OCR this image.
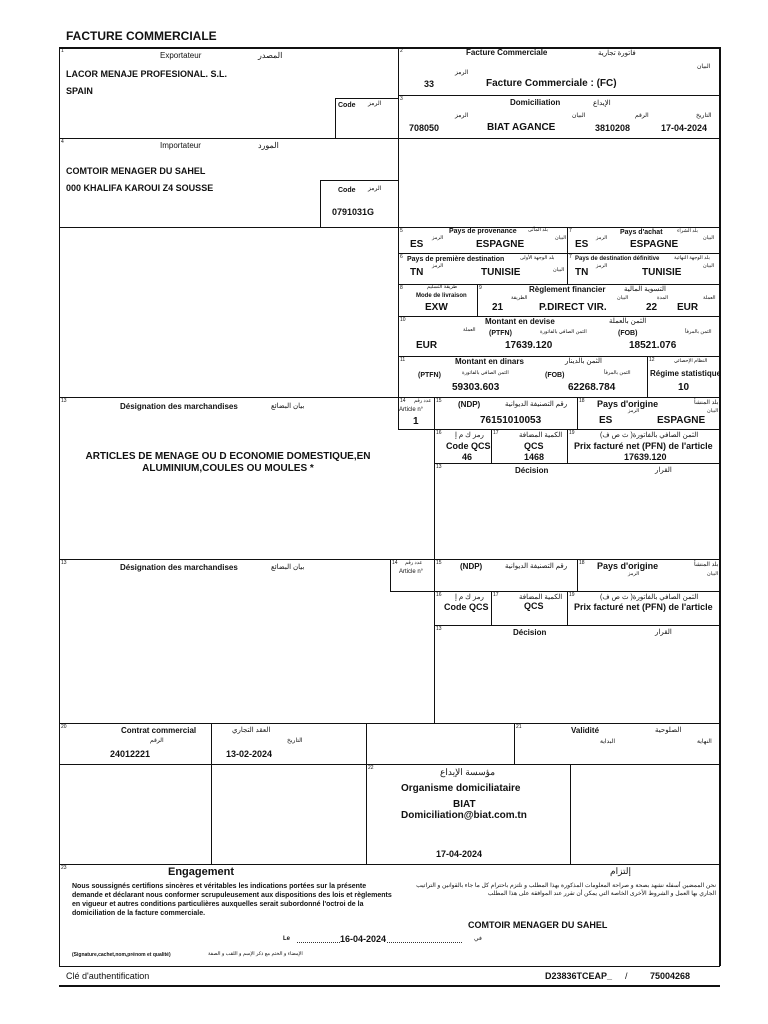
FACTURE COMMERCIALE
1	Exportateur	المصدر
LACOR MENAJE PROFESIONAL. S.L.
SPAIN
Code الرمز
2	Facture Commerciale	فاتورة تجارية
الرمز
البيان
33	Facture Commerciale : (FC)
3	Domiciliation	الإيداع
الرمز	البيان	الرقم	التاريخ
708050	BIAT AGANCE	3810208	17-04-2024
4	Importateur	المورد
COMTOIR MENAGER DU SAHEL
000 KHALIFA KAROUI Z4 SOUSSE	Code الرمز
0791031G
5	Pays de provenance بلد المأتى
الرمز	البيان
ES	ESPAGNE
7	Pays d'achat	بلد الشراء
الرمز	البيان
ES	ESPAGNE
6 Pays de première destination	بلد الوجهة الأولى
الرمز
البيان
TN	TUNISIE
7 Pays de destination définitive	بلد الوجهة النهائية
الرمز	البيان
TN	TUNISIE
8	طريقة التسليم
Mode de livraison
EXW
9	Règlement financier	التسوية المالية
الطريقة	البيان	المدة	العملة
21	P.DIRECT VIR.	22 EUR
10	Montant en devise	الثمن بالعملة
العملة (PTFN)	الثمن الصافي بالفاتورة	(FOB)	الثمن بالمرفأ
EUR	17639.120	18521.076
11	Montant en dinars	الثمن بالدينار
(PTFN)	الثمن الصافي بالفاتورة	(FOB)	الثمن بالمرفأ
59303.603	62268.784
12	النظام الإحصائي
Régime statistique
10
13
Désignation des marchandises	بيان البضائع
ARTICLES DE MENAGE OU D ECONOMIE DOMESTIQUE,EN ALUMINIUM,COULES OU MOULES *
14 عدد رقم
Article n°
1
15 (NDP)	رقم التصنيفة الديوانية
76151010053
18 Pays d'origine	بلد المنشأ
الرمز	البيان
ES	ESPAGNE
16 رمز ك م إ
Code QCS
46
17	الكمية المضافة
QCS
1468
19	الثمن الصافي بالفاتورة( ث ص ف)
Prix facturé net (PFN) de l'article
17639.120
13	Décision	القرار
13	Désignation des marchandises	بيان البضائع
14 عدد رقم
Article n°
15 (NDP)	رقم التصنيفة الديوانية 18 Pays d'origine	بلد المنشأ
الرمز	البيان
16 رمز ك م إ
Code QCS
17	الكمية المضافة
QCS
19	الثمن الصافي بالفاتورة( ث ص ف)
Prix facturé net (PFN) de l'article
13	Décision	القرار
20	Contrat commercial	العقد التجاري
الرقم	التاريخ
24012221	13-02-2024
21	Validité	الصلوحية
البداية	النهاية
22	مؤسسة الإيداع
Organisme domiciliataire
BIAT
Domiciliation@biat.com.tn
17-04-2024
23	Engagement	إلتزام
Nous soussignés certifions sincères et véritables les indications portées sur la présente demande et déclarant nous conformer scrupuleusement aux dispositions des lois et règlements en vigueur et autres conditions particulières auxquelles serait subordonné l'octroi de la domiciliation de la facture commerciale.
نحن الممضين أسفله نشهد بصحة و صراحة المعلومات المذكورة بهذا المطلب و نلتزم باحترام كل ما جاء بالقوانين و التراتيب الجاري بها العمل و الشروط الأخرى الخاصة التي يمكن أن تقرر عند الموافقة على هذا المطلب
COMTOIR MENAGER DU SAHEL
Le	16-04-2024	في
(Signature,cachet,nom,prénom et qualité)	الإمضاء و الختم مع ذكر الإسم و اللقب و الصفة
Clé d'authentification	D23836TCEAP_ / 75004268
